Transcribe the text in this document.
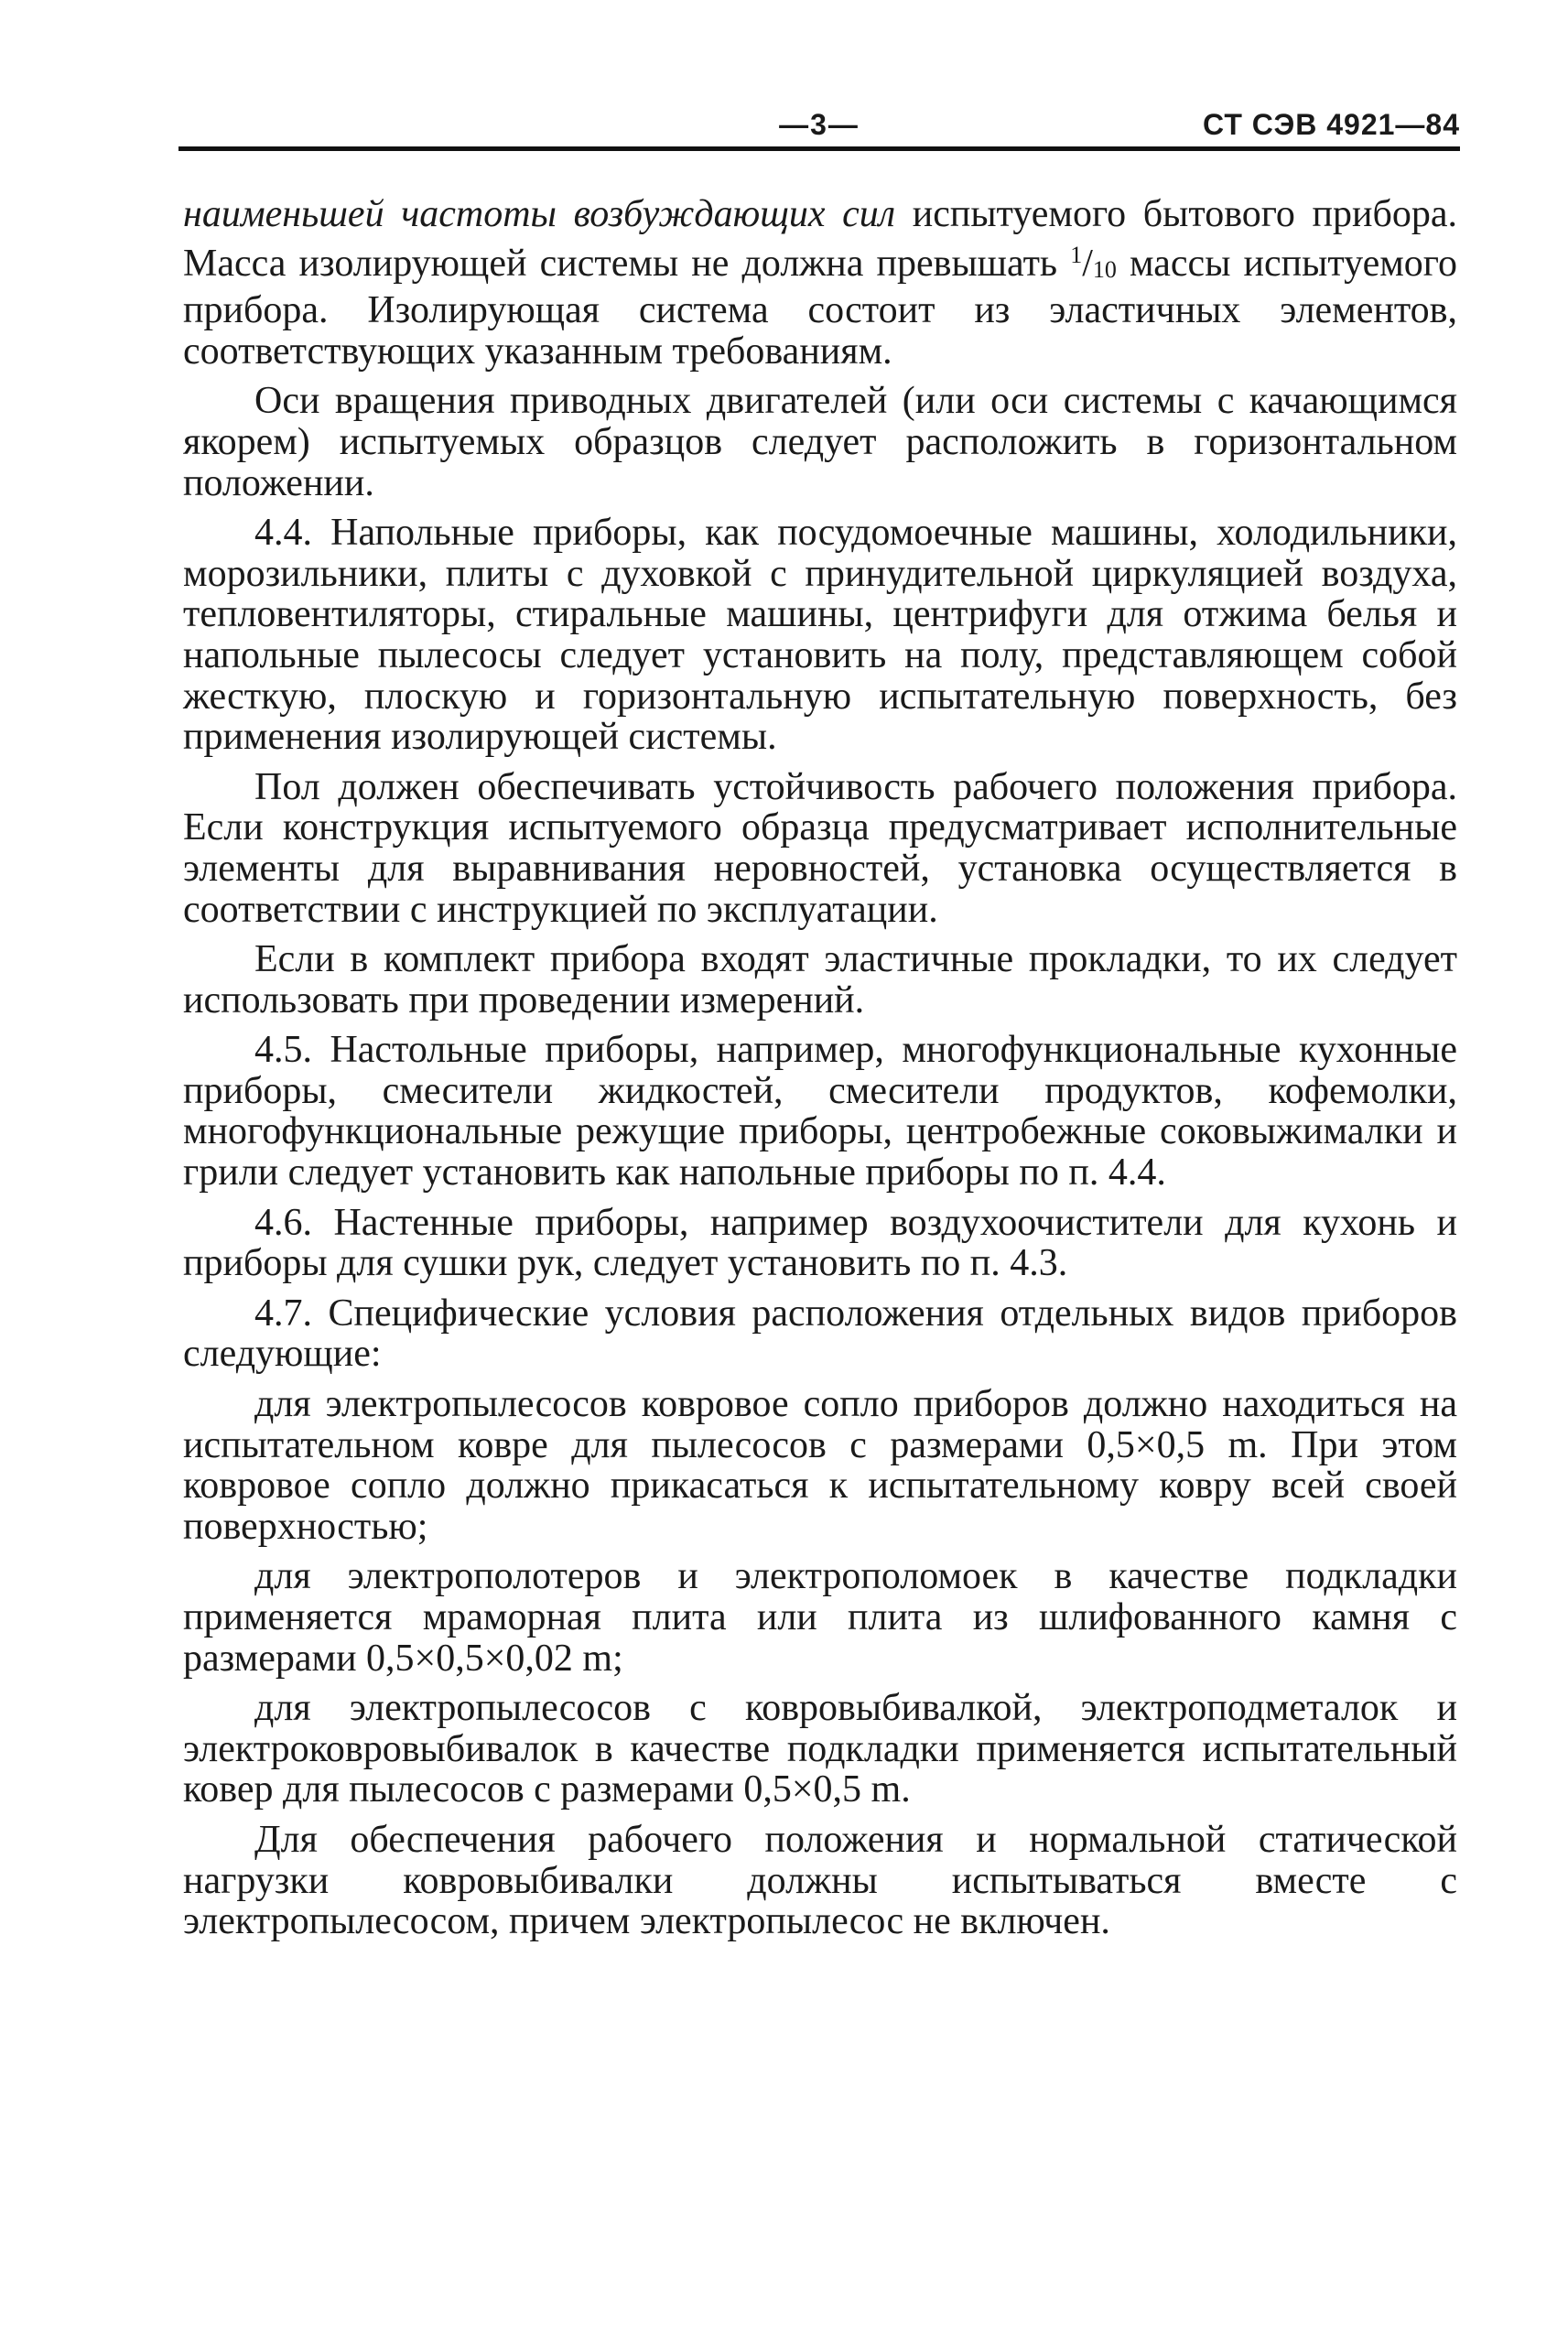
—3—	СТ СЭВ 4921—84

наименьшей частоты возбуждающих сил испытуемого бытового прибора. Масса изолирующей системы не должна превышать $^1/_{10}$ массы испытуемого прибора. Изолирующая система состоит из эластичных элементов, соответствующих указанным требованиям.

Оси вращения приводных двигателей (или оси системы с качающимся якорем) испытуемых образцов следует расположить в горизонтальном положении.

4.4. Напольные приборы, как посудомоечные машины, холодильники, морозильники, плиты с духовкой с принудительной циркуляцией воздуха, тепловентиляторы, стиральные машины, центрифуги для отжима белья и напольные пылесосы следует установить на полу, представляющем собой жесткую, плоскую и горизонтальную испытательную поверхность, без применения изолирующей системы.

Пол должен обеспечивать устойчивость рабочего положения прибора. Если конструкция испытуемого образца предусматривает исполнительные элементы для выравнивания неровностей, установка осуществляется в соответствии с инструкцией по эксплуатации.

Если в комплект прибора входят эластичные прокладки, то их следует использовать при проведении измерений.

4.5. Настольные приборы, например, многофункциональные кухонные приборы, смесители жидкостей, смесители продуктов, кофемолки, многофункциональные режущие приборы, центробежные соковыжималки и грили следует установить как напольные приборы по п. 4.4.

4.6. Настенные приборы, например воздухоочистители для кухонь и приборы для сушки рук, следует установить по п. 4.3.

4.7. Специфические условия расположения отдельных видов приборов следующие:

для электропылесосов ковровое сопло приборов должно находиться на испытательном ковре для пылесосов с размерами 0,5×0,5 m. При этом ковровое сопло должно прикасаться к испытательному ковру всей своей поверхностью;

для электрополотеров и электрополомоек в качестве подкладки применяется мраморная плита или плита из шлифованного камня с размерами 0,5×0,5×0,02 m;

для электропылесосов с ковровыбивалкой, электроподметалок и электроковровыбивалок в качестве подкладки применяется испытательный ковер для пылесосов с размерами 0,5×0,5 m.

Для обеспечения рабочего положения и нормальной статической нагрузки ковровыбивалки должны испытываться вместе с электропылесосом, причем электропылесос не включен.
